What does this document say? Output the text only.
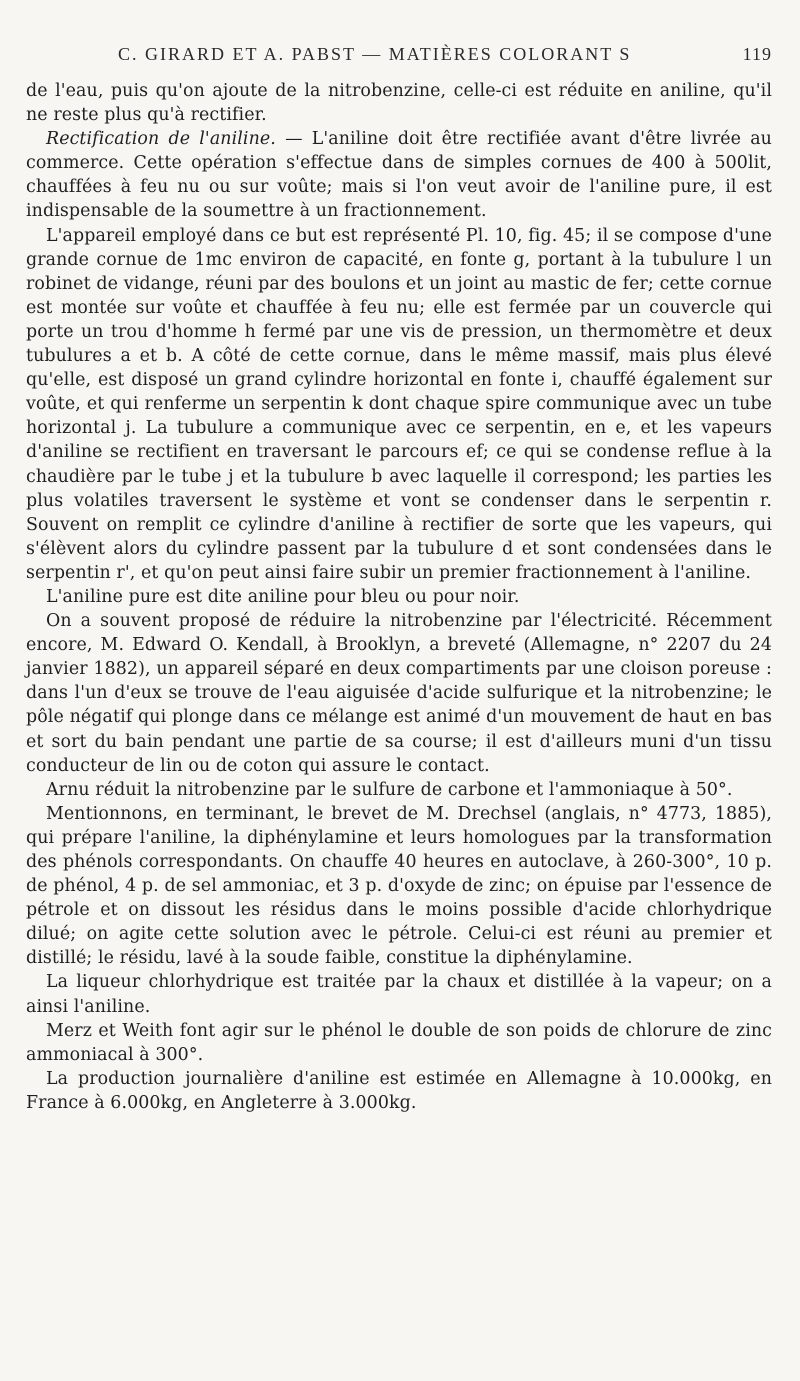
C. GIRARD ET A. PABST — MATIÈRES COLORANT S	119

de l'eau, puis qu'on ajoute de la nitrobenzine, celle-ci est réduite en aniline, qu'il ne reste plus qu'à rectifier.

Rectification de l'aniline. — L'aniline doit être rectifiée avant d'être livrée au commerce. Cette opération s'effectue dans de simples cornues de 400 à 500lit, chauffées à feu nu ou sur voûte; mais si l'on veut avoir de l'aniline pure, il est indispensable de la soumettre à un fractionnement.

L'appareil employé dans ce but est représenté Pl. 10, fig. 45; il se compose d'une grande cornue de 1mc environ de capacité, en fonte g, portant à la tubulure l un robinet de vidange, réuni par des boulons et un joint au mastic de fer; cette cornue est montée sur voûte et chauffée à feu nu; elle est fermée par un couvercle qui porte un trou d'homme h fermé par une vis de pression, un thermomètre et deux tubulures a et b. A côté de cette cornue, dans le même massif, mais plus élevé qu'elle, est disposé un grand cylindre horizontal en fonte i, chauffé également sur voûte, et qui renferme un serpentin k dont chaque spire communique avec un tube horizontal j. La tubulure a communique avec ce serpentin, en e, et les vapeurs d'aniline se rectifient en traversant le parcours ef; ce qui se condense reflue à la chaudière par le tube j et la tubulure b avec laquelle il correspond; les parties les plus volatiles traversent le système et vont se condenser dans le serpentin r. Souvent on remplit ce cylindre d'aniline à rectifier de sorte que les vapeurs, qui s'élèvent alors du cylindre passent par la tubulure d et sont condensées dans le serpentin r', et qu'on peut ainsi faire subir un premier fractionnement à l'aniline.

L'aniline pure est dite aniline pour bleu ou pour noir.

On a souvent proposé de réduire la nitrobenzine par l'électricité. Récemment encore, M. Edward O. Kendall, à Brooklyn, a breveté (Allemagne, n° 2207 du 24 janvier 1882), un appareil séparé en deux compartiments par une cloison poreuse : dans l'un d'eux se trouve de l'eau aiguisée d'acide sulfurique et la nitrobenzine; le pôle négatif qui plonge dans ce mélange est animé d'un mouvement de haut en bas et sort du bain pendant une partie de sa course; il est d'ailleurs muni d'un tissu conducteur de lin ou de coton qui assure le contact.

Arnu réduit la nitrobenzine par le sulfure de carbone et l'ammoniaque à 50°.

Mentionnons, en terminant, le brevet de M. Drechsel (anglais, n° 4773, 1885), qui prépare l'aniline, la diphénylamine et leurs homologues par la transformation des phénols correspondants. On chauffe 40 heures en autoclave, à 260-300°, 10 p. de phénol, 4 p. de sel ammoniac, et 3 p. d'oxyde de zinc; on épuise par l'essence de pétrole et on dissout les résidus dans le moins possible d'acide chlorhydrique dilué; on agite cette solution avec le pétrole. Celui-ci est réuni au premier et distillé; le résidu, lavé à la soude faible, constitue la diphénylamine.

La liqueur chlorhydrique est traitée par la chaux et distillée à la vapeur; on a ainsi l'aniline.

Merz et Weith font agir sur le phénol le double de son poids de chlorure de zinc ammoniacal à 300°.

La production journalière d'aniline est estimée en Allemagne à 10.000kg, en France à 6.000kg, en Angleterre à 3.000kg.
